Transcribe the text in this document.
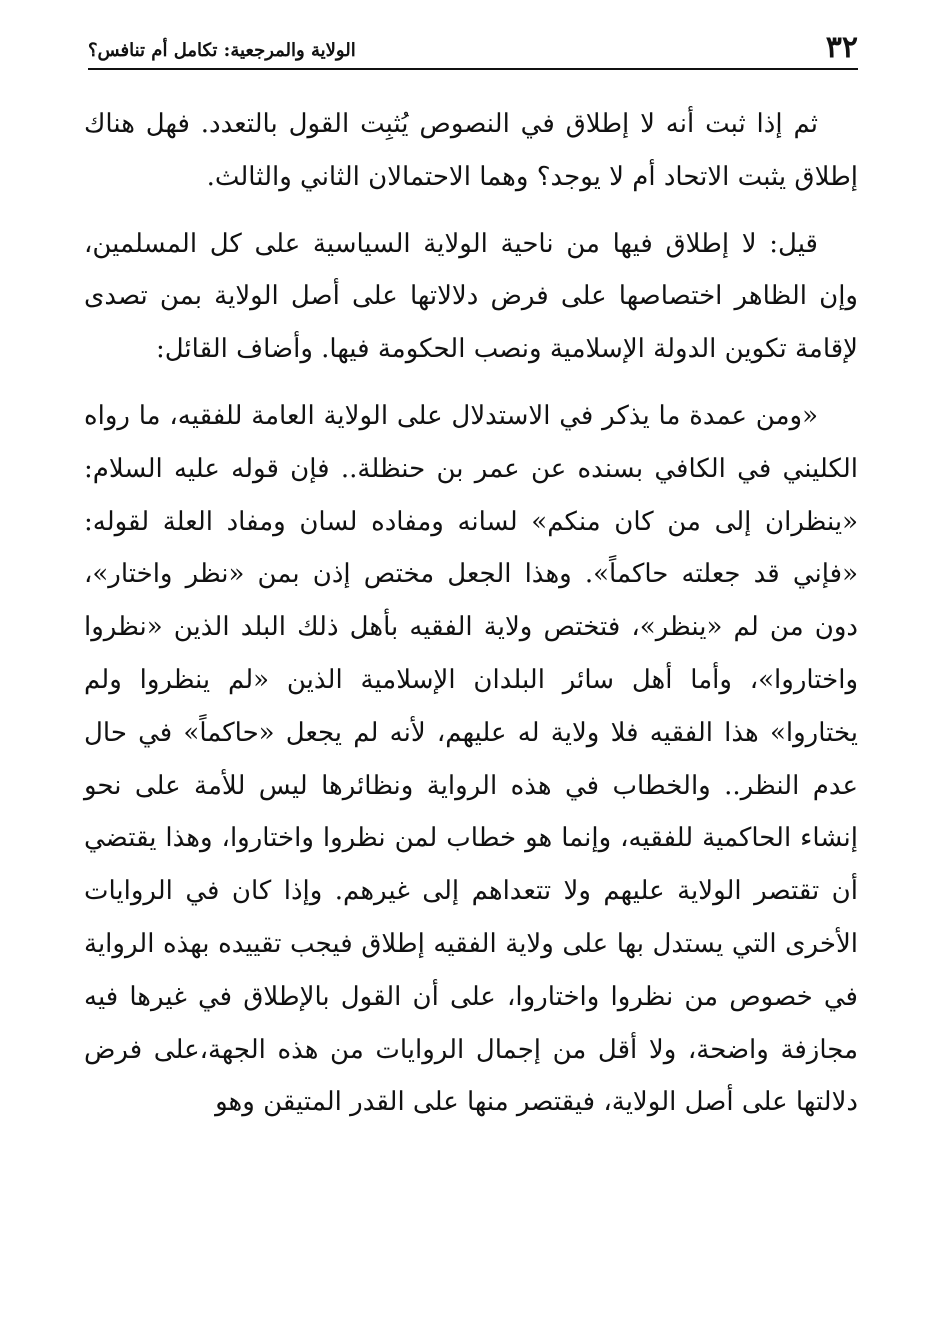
٣٢
الولاية والمرجعية: تكامل أم تنافس؟

ثم إذا ثبت أنه لا إطلاق في النصوص يُثبِت القول بالتعدد. فهل هناك إطلاق يثبت الاتحاد أم لا يوجد؟ وهما الاحتمالان الثاني والثالث.

قيل: لا إطلاق فيها من ناحية الولاية السياسية على كل المسلمين، وإن الظاهر اختصاصها على فرض دلالاتها على أصل الولاية بمن تصدى لإقامة تكوين الدولة الإسلامية ونصب الحكومة فيها. وأضاف القائل:

«ومن عمدة ما يذكر في الاستدلال على الولاية العامة للفقيه، ما رواه الكليني في الكافي بسنده عن عمر بن حنظلة.. فإن قوله عليه السلام: «ينظران إلى من كان منكم» لسانه ومفاده لسان ومفاد العلة لقوله: «فإني قد جعلته حاكماً». وهذا الجعل مختص إذن بمن «نظر واختار»، دون من لم «ينظر»، فتختص ولاية الفقيه بأهل ذلك البلد الذين «نظروا واختاروا»، وأما أهل سائر البلدان الإسلامية الذين «لم ينظروا ولم يختاروا» هذا الفقيه فلا ولاية له عليهم، لأنه لم يجعل «حاكماً» في حال عدم النظر.. والخطاب في هذه الرواية ونظائرها ليس للأمة على نحو إنشاء الحاكمية للفقيه، وإنما هو خطاب لمن نظروا واختاروا، وهذا يقتضي أن تقتصر الولاية عليهم ولا تتعداهم إلى غيرهم. وإذا كان في الروايات الأخرى التي يستدل بها على ولاية الفقيه إطلاق فيجب تقييده بهذه الرواية في خصوص من نظروا واختاروا، على أن القول بالإطلاق في غيرها فيه مجازفة واضحة، ولا أقل من إجمال الروايات من هذه الجهة،على فرض دلالتها على أصل الولاية، فيقتصر منها على القدر المتيقن وهو
